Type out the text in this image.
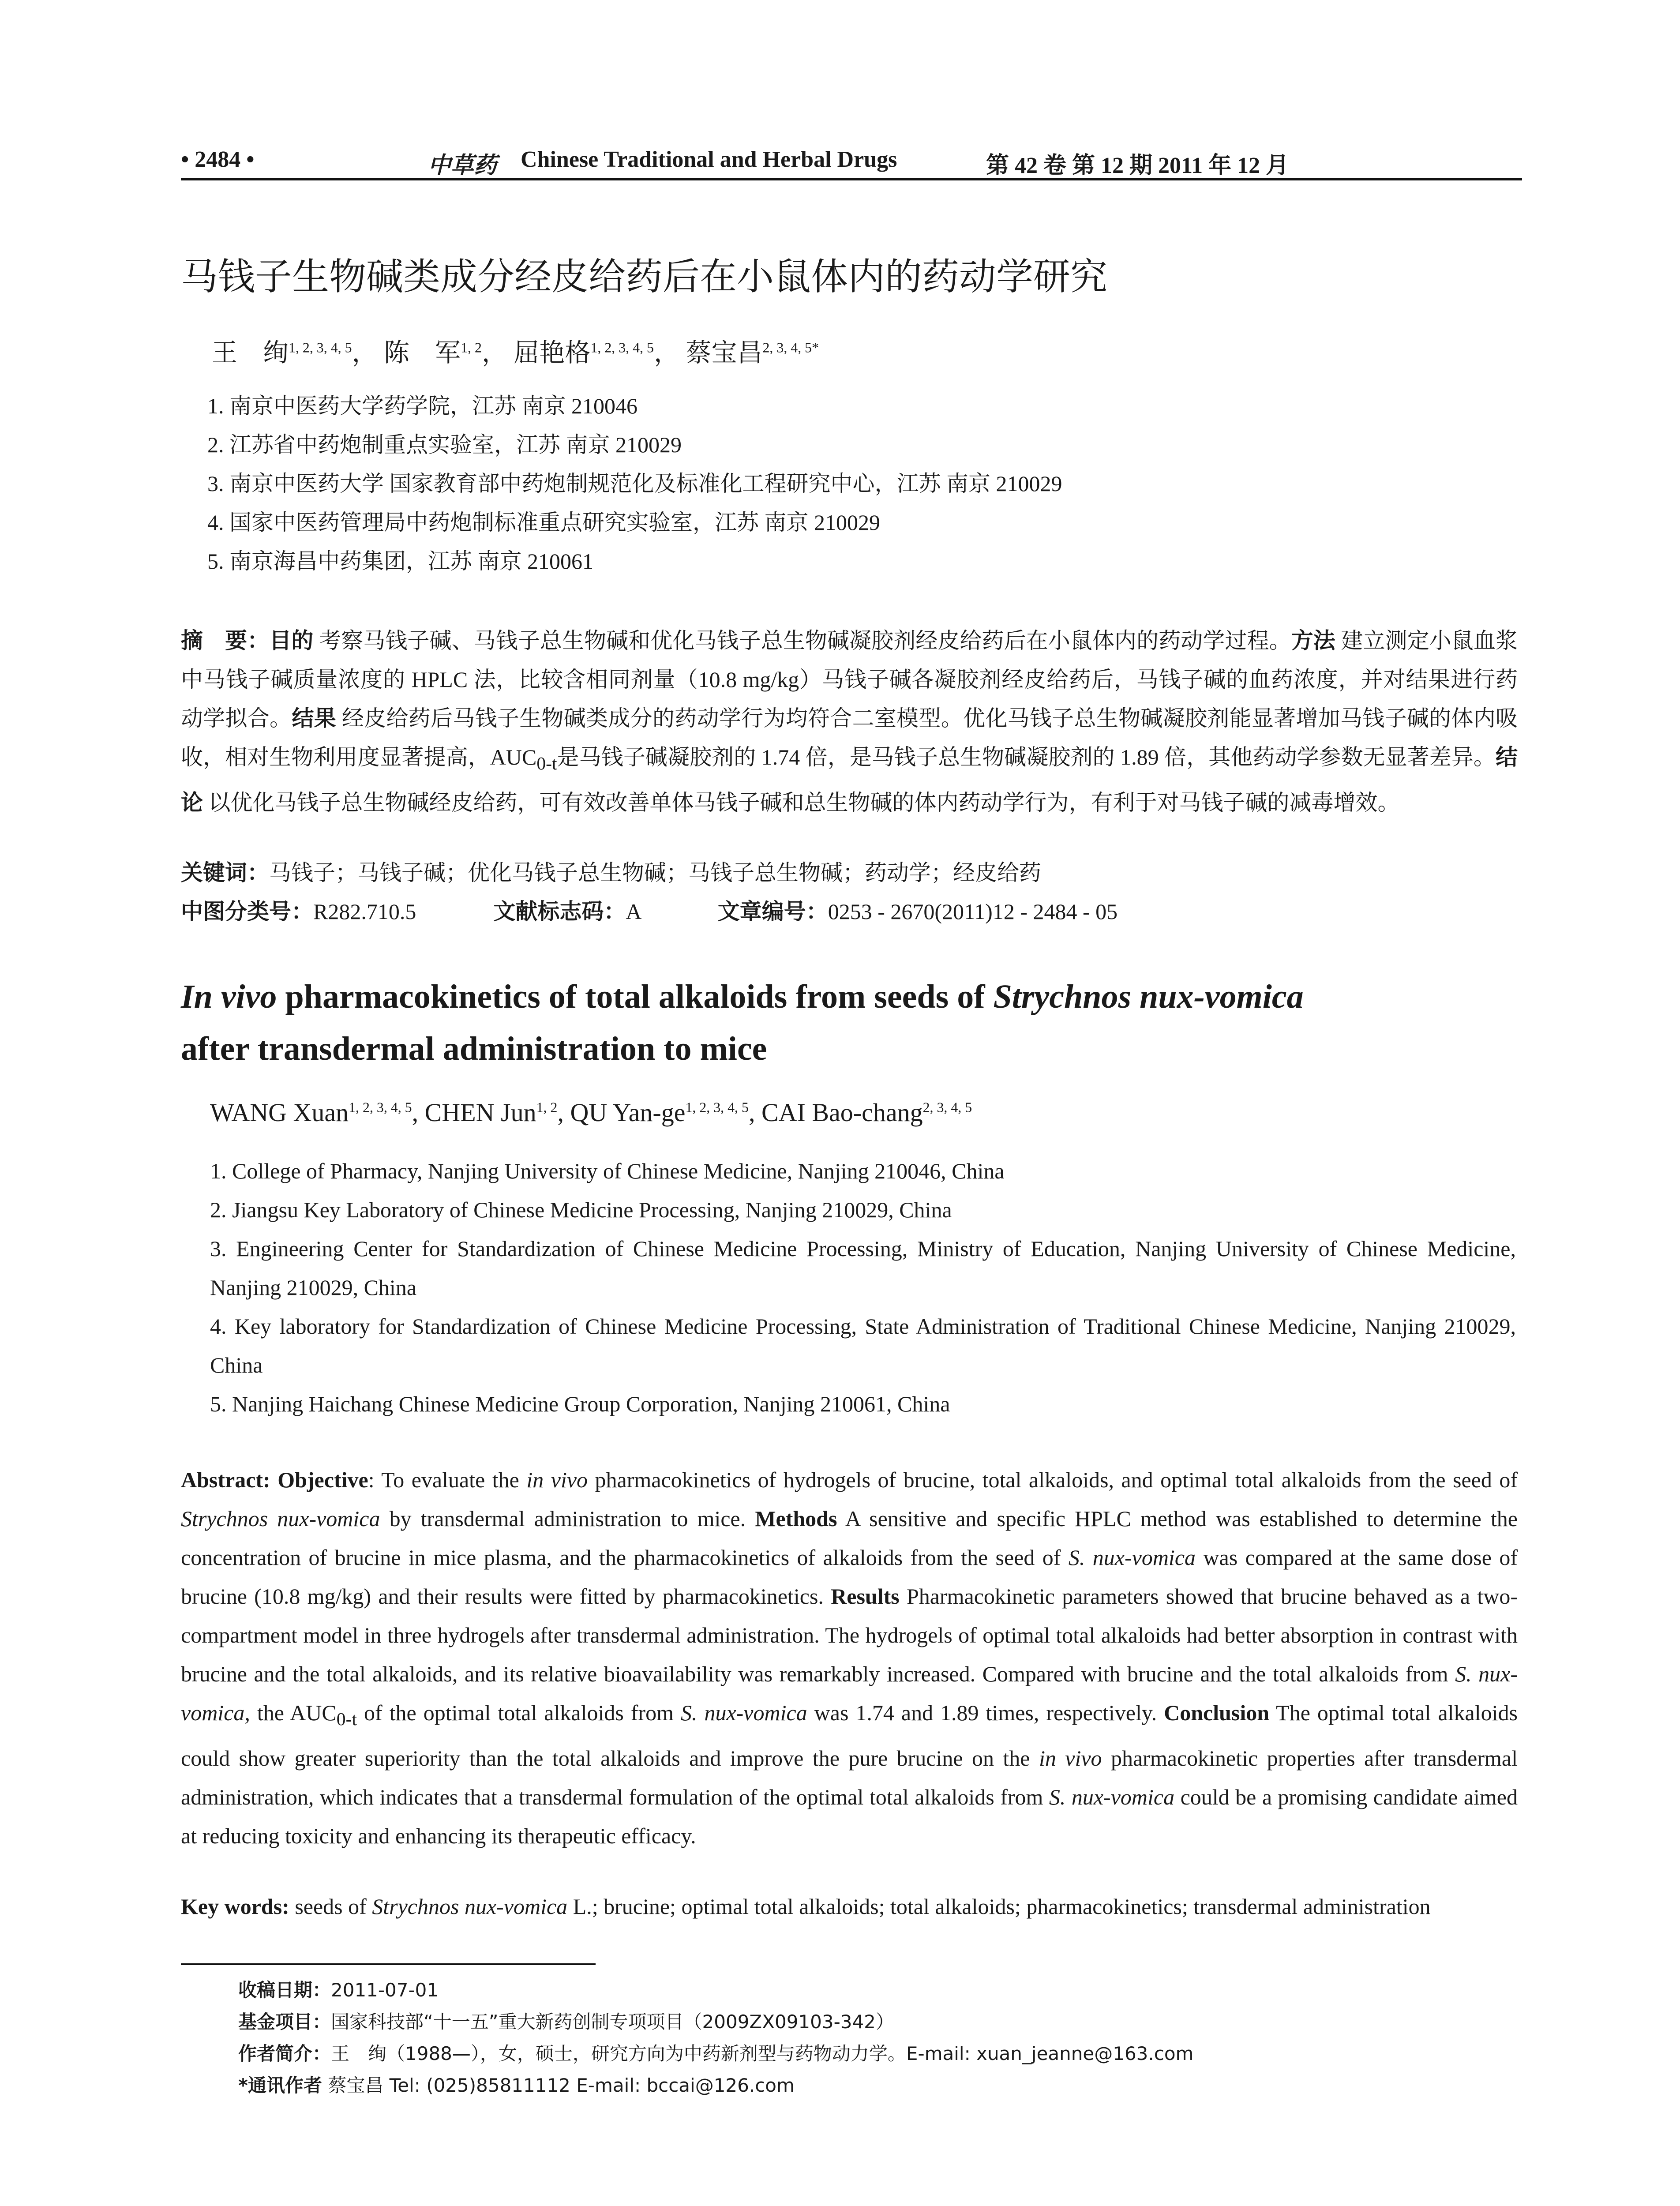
• 2484 •	中草药 Chinese Traditional and Herbal Drugs	第 42 卷 第 12 期 2011 年 12 月
马钱子生物碱类成分经皮给药后在小鼠体内的药动学研究
王　绚$^{1, 2, 3, 4, 5}$， 陈　军$^{1, 2}$， 屈艳格$^{1, 2, 3, 4, 5}$， 蔡宝昌$^{2, 3, 4, 5*}$
1. 南京中医药大学药学院，江苏 南京 210046
2. 江苏省中药炮制重点实验室，江苏 南京 210029
3. 南京中医药大学 国家教育部中药炮制规范化及标准化工程研究中心，江苏 南京 210029
4. 国家中医药管理局中药炮制标准重点研究实验室，江苏 南京 210029
5. 南京海昌中药集团，江苏 南京 210061
摘　要：目的 考察马钱子碱、马钱子总生物碱和优化马钱子总生物碱凝胶剂经皮给药后在小鼠体内的药动学过程。方法 建立测定小鼠血浆中马钱子碱质量浓度的 HPLC 法，比较含相同剂量（10.8 mg/kg）马钱子碱各凝胶剂经皮给药后，马钱子碱的血药浓度，并对结果进行药动学拟合。结果 经皮给药后马钱子生物碱类成分的药动学行为均符合二室模型。优化马钱子总生物碱凝胶剂能显著增加马钱子碱的体内吸收，相对生物利用度显著提高，$AUC_{0-t}$是马钱子碱凝胶剂的 1.74 倍，是马钱子总生物碱凝胶剂的 1.89 倍，其他药动学参数无显著差异。结论 以优化马钱子总生物碱经皮给药，可有效改善单体马钱子碱和总生物碱的体内药动学行为，有利于对马钱子碱的减毒增效。
关键词：马钱子；马钱子碱；优化马钱子总生物碱；马钱子总生物碱；药动学；经皮给药
中图分类号：R282.710.5	文献标志码：A	文章编号：0253 - 2670(2011)12 - 2484 - 05
In vivo pharmacokinetics of total alkaloids from seeds of Strychnos nux-vomica
after transdermal administration to mice
WANG Xuan$^{1, 2, 3, 4, 5}$, CHEN Jun$^{1, 2}$, QU Yan-ge$^{1, 2, 3, 4, 5}$, CAI Bao-chang$^{2, 3, 4, 5}$
1. College of Pharmacy, Nanjing University of Chinese Medicine, Nanjing 210046, China
2. Jiangsu Key Laboratory of Chinese Medicine Processing, Nanjing 210029, China
3. Engineering Center for Standardization of Chinese Medicine Processing, Ministry of Education, Nanjing University of Chinese Medicine, Nanjing 210029, China
4. Key laboratory for Standardization of Chinese Medicine Processing, State Administration of Traditional Chinese Medicine, Nanjing 210029, China
5. Nanjing Haichang Chinese Medicine Group Corporation, Nanjing 210061, China
Abstract: Objective: To evaluate the in vivo pharmacokinetics of hydrogels of brucine, total alkaloids, and optimal total alkaloids from the seed of Strychnos nux-vomica by transdermal administration to mice. Methods A sensitive and specific HPLC method was established to determine the concentration of brucine in mice plasma, and the pharmacokinetics of alkaloids from the seed of S. nux-vomica was compared at the same dose of brucine (10.8 mg/kg) and their results were fitted by pharmacokinetics. Results Pharmacokinetic parameters showed that brucine behaved as a two-compartment model in three hydrogels after transdermal administration. The hydrogels of optimal total alkaloids had better absorption in contrast with brucine and the total alkaloids, and its relative bioavailability was remarkably increased. Compared with brucine and the total alkaloids from S. nux-vomica, the $AUC_{0-t}$ of the optimal total alkaloids from S. nux-vomica was 1.74 and 1.89 times, respectively. Conclusion The optimal total alkaloids could show greater superiority than the total alkaloids and improve the pure brucine on the in vivo pharmacokinetic properties after transdermal administration, which indicates that a transdermal formulation of the optimal total alkaloids from S. nux-vomica could be a promising candidate aimed at reducing toxicity and enhancing its therapeutic efficacy.
Key words: seeds of Strychnos nux-vomica L.; brucine; optimal total alkaloids; total alkaloids; pharmacokinetics; transdermal administration
收稿日期：2011-07-01
基金项目：国家科技部“十一五”重大新药创制专项项目（2009ZX09103-342）
作者简介：王　绚（1988—），女，硕士，研究方向为中药新剂型与药物动力学。E-mail: xuan_jeanne@163.com
*通讯作者 蔡宝昌 Tel: (025)85811112 E-mail: bccai@126.com
